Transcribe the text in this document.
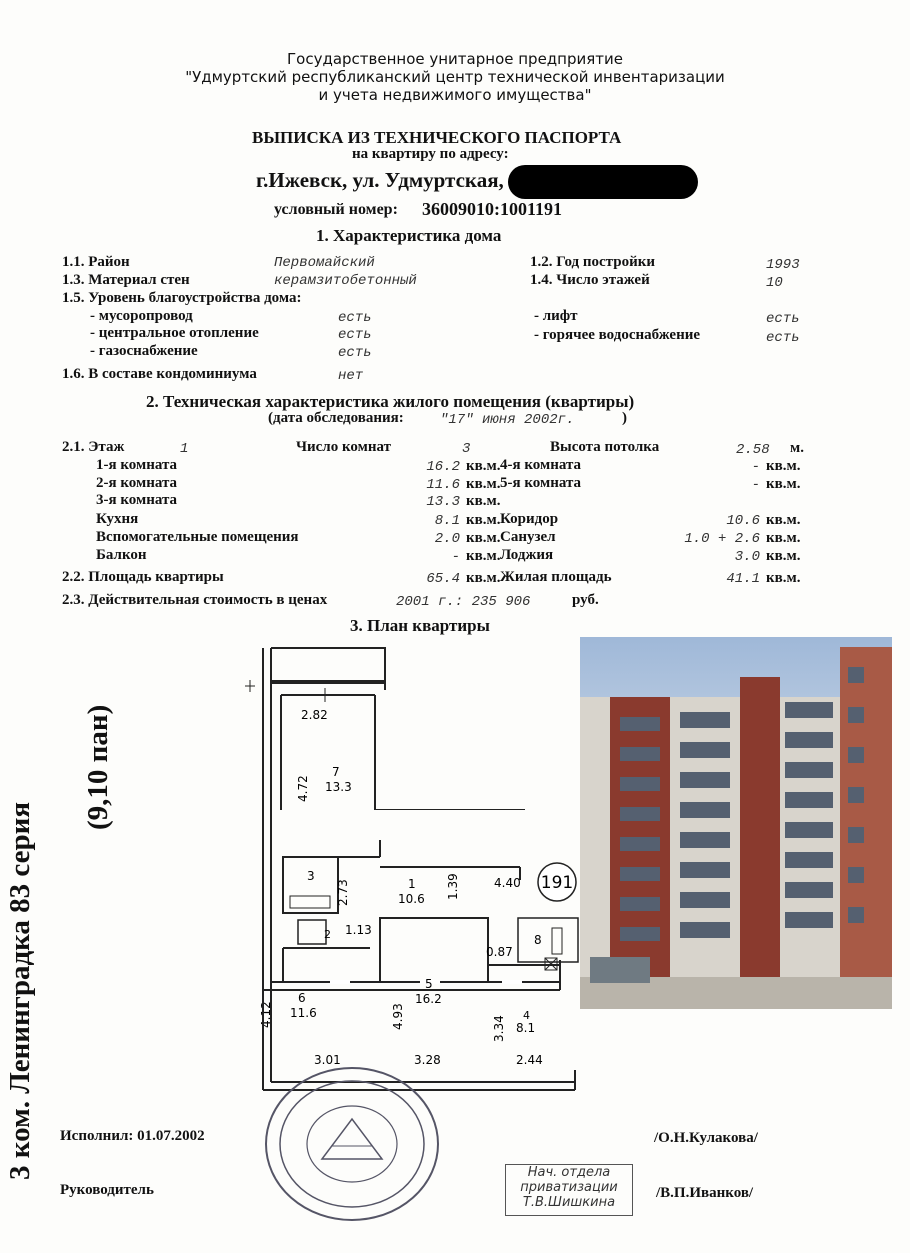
Государственное унитарное предприятие
"Удмуртский республиканский центр технической инвентаризации
и учета недвижимого имущества"
ВЫПИСКА ИЗ ТЕХНИЧЕСКОГО ПАСПОРТА
на квартиру по адресу:
г.Ижевск, ул. Удмуртская,
условный номер: 36009010:1001191
1. Характеристика дома
1.1. Район	Первомайский	1.2. Год постройки	1993
1.3. Материал стен	керамзитобетонный	1.4. Число этажей	10
1.5. Уровень благоустройства дома:
- мусоропровод	есть	- лифт	есть
- центральное отопление	есть	- горячее водоснабжение	есть
- газоснабжение	есть
1.6. В составе кондоминиума	нет
2. Техническая характеристика жилого помещения (квартиры)
(дата обследования:	"17" июня 2002г.	)
2.1. Этаж	1	Число комнат	3	Высота потолка	2.58 м.
1-я комната	16.2 кв.м.
2-я комната	11.6 кв.м.
3-я комната	13.3 кв.м.
Кухня	8.1 кв.м.
Вспомогательные помещения	2.0 кв.м.
Балкон	- кв.м.
4-я комната	- кв.м.
5-я комната	- кв.м.
Коридор	10.6 кв.м.
Санузел	1.0 + 2.6 кв.м.
Лоджия	3.0 кв.м.
2.2. Площадь квартиры	65.4 кв.м. Жилая площадь	41.1 кв.м.
2.3. Действительная стоимость в ценах	2001 г.: 235 906	руб.
3. План квартиры
3 ком. Ленинградка 83 серия
(9,10 пан)	2.82
4.72
7
13.3
191
3
2.73
2 1.13
1
10.6 1.39	4.40
8
0.87
6
11.6
4.12
3.01
5
16.2
4.93
3.28
4
8.1
3.34
2.44
Исполнил: 01.07.2002	/О.Н.Кулакова/
Руководитель	/В.П.Иванков/
Нач. отдела
приватизации
Т.В.Шишкина
